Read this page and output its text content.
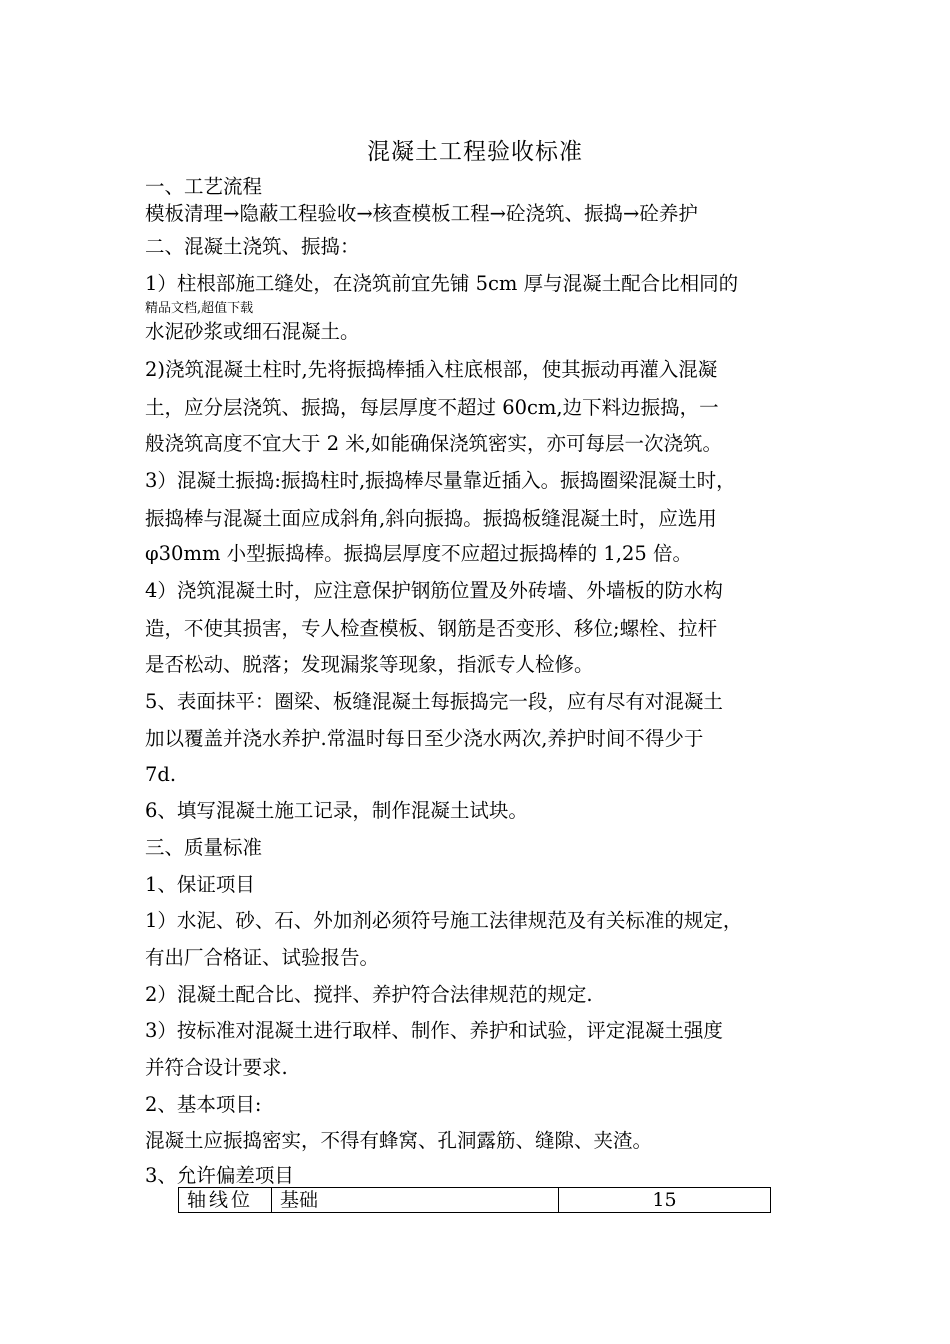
混凝土工程验收标准
一、工艺流程
模板清理→隐蔽工程验收→核查模板工程→砼浇筑、振捣→砼养护
二、混凝土浇筑、振捣：
1）柱根部施工缝处，在浇筑前宜先铺 5cm 厚与混凝土配合比相同的
精品文档,超值下载
水泥砂浆或细石混凝土。
2)浇筑混凝土柱时,先将振捣棒插入柱底根部，使其振动再灌入混凝
土，应分层浇筑、振捣，每层厚度不超过 60cm,边下料边振捣，一
般浇筑高度不宜大于 2 米,如能确保浇筑密实，亦可每层一次浇筑。
3）混凝土振捣:振捣柱时,振捣棒尽量靠近插入。振捣圈梁混凝土时，
振捣棒与混凝土面应成斜角,斜向振捣。振捣板缝混凝土时，应选用
φ30mm 小型振捣棒。振捣层厚度不应超过振捣棒的 1,25 倍。
4）浇筑混凝土时，应注意保护钢筋位置及外砖墙、外墙板的防水构
造，不使其损害，专人检查模板、钢筋是否变形、移位;螺栓、拉杆
是否松动、脱落；发现漏浆等现象，指派专人检修。
5、表面抹平：圈梁、板缝混凝土每振捣完一段，应有尽有对混凝土
加以覆盖并浇水养护.常温时每日至少浇水两次,养护时间不得少于
7d.
6、填写混凝土施工记录，制作混凝土试块。
三、质量标准
1、保证项目
1）水泥、砂、石、外加剂必须符号施工法律规范及有关标准的规定，
有出厂合格证、试验报告。
2）混凝土配合比、搅拌、养护符合法律规范的规定.
3）按标准对混凝土进行取样、制作、养护和试验，评定混凝土强度
并符合设计要求.
2、基本项目:
混凝土应振捣密实，不得有蜂窝、孔洞露筋、缝隙、夹渣。
3、允许偏差项目
轴线位	基础	15
